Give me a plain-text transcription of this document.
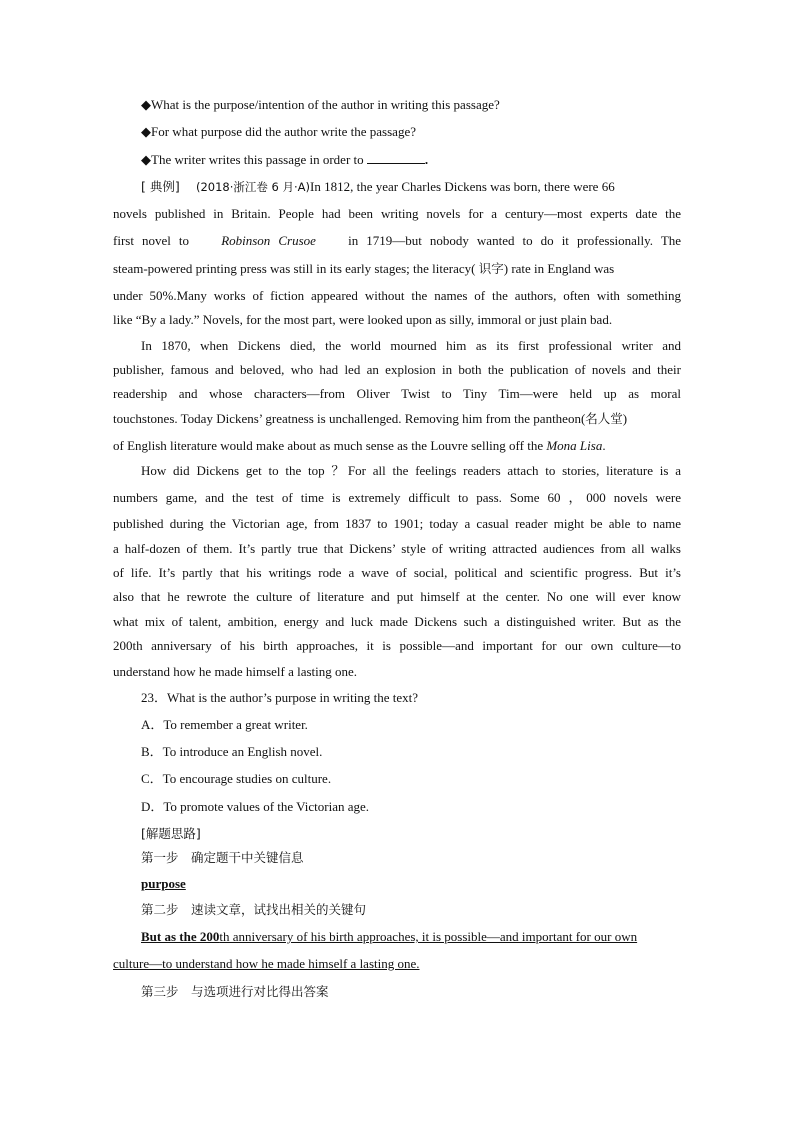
◆What is the purpose/intention of the author in writing this passage?
◆For what purpose did the author write the passage?
◆The writer writes this passage in order to	.
[ 典例] (2018·浙江卷 6 月·A)In 1812, the year Charles Dickens was born, there were 66
novels published in Britain. People had been writing novels for a century—most experts date the
first novel to Robinson Crusoe in 1719—but nobody wanted to do it professionally. The
steam-powered printing press was still in its early stages; the literacy( 识字) rate in England was
under 50%.Many works of fiction appeared without the names of the authors, often with something
like “By a lady.” Novels, for the most part, were looked upon as silly, immoral or just plain bad.
In 1870, when Dickens died, the world mourned him as its first professional writer and
publisher, famous and beloved, who had led an explosion in both the publication of novels and their
readership and whose characters—from Oliver Twist to Tiny Tim—were held up as moral
touchstones. Today Dickens’ greatness is unchallenged. Removing him from the pantheon(名人堂)
of English literature would make about as much sense as the Louvre selling off the Mona Lisa.
How did Dickens get to the top ？For all the feelings readers attach to stories, literature is a
numbers game, and the test of time is extremely difficult to pass. Some 60 ，000 novels were
published during the Victorian age, from 1837 to 1901; today a casual reader might be able to name
a half-dozen of them. It’s partly true that Dickens’ style of writing attracted audiences from all walks
of life. It’s partly that his writings rode a wave of social, political and scientific progress. But it’s
also that he rewrote the culture of literature and put himself at the center. No one will ever know
what mix of talent, ambition, energy and luck made Dickens such a distinguished writer. But as the
200th anniversary of his birth approaches, it is possible—and important for our own culture—to
understand how he made himself a lasting one.
23．What is the author’s purpose in writing the text?
A．To remember a great writer.
B．To introduce an English novel.
C．To encourage studies on culture.
D．To promote values of the Victorian age.
[解题思路]
第一步　确定题干中关键信息
purpose
第二步　速读文章，试找出相关的关键句
But as the 200th anniversary of his birth approaches, it is possible—and important for our own
culture—to understand how he made himself a lasting one.
第三步　与选项进行对比得出答案
